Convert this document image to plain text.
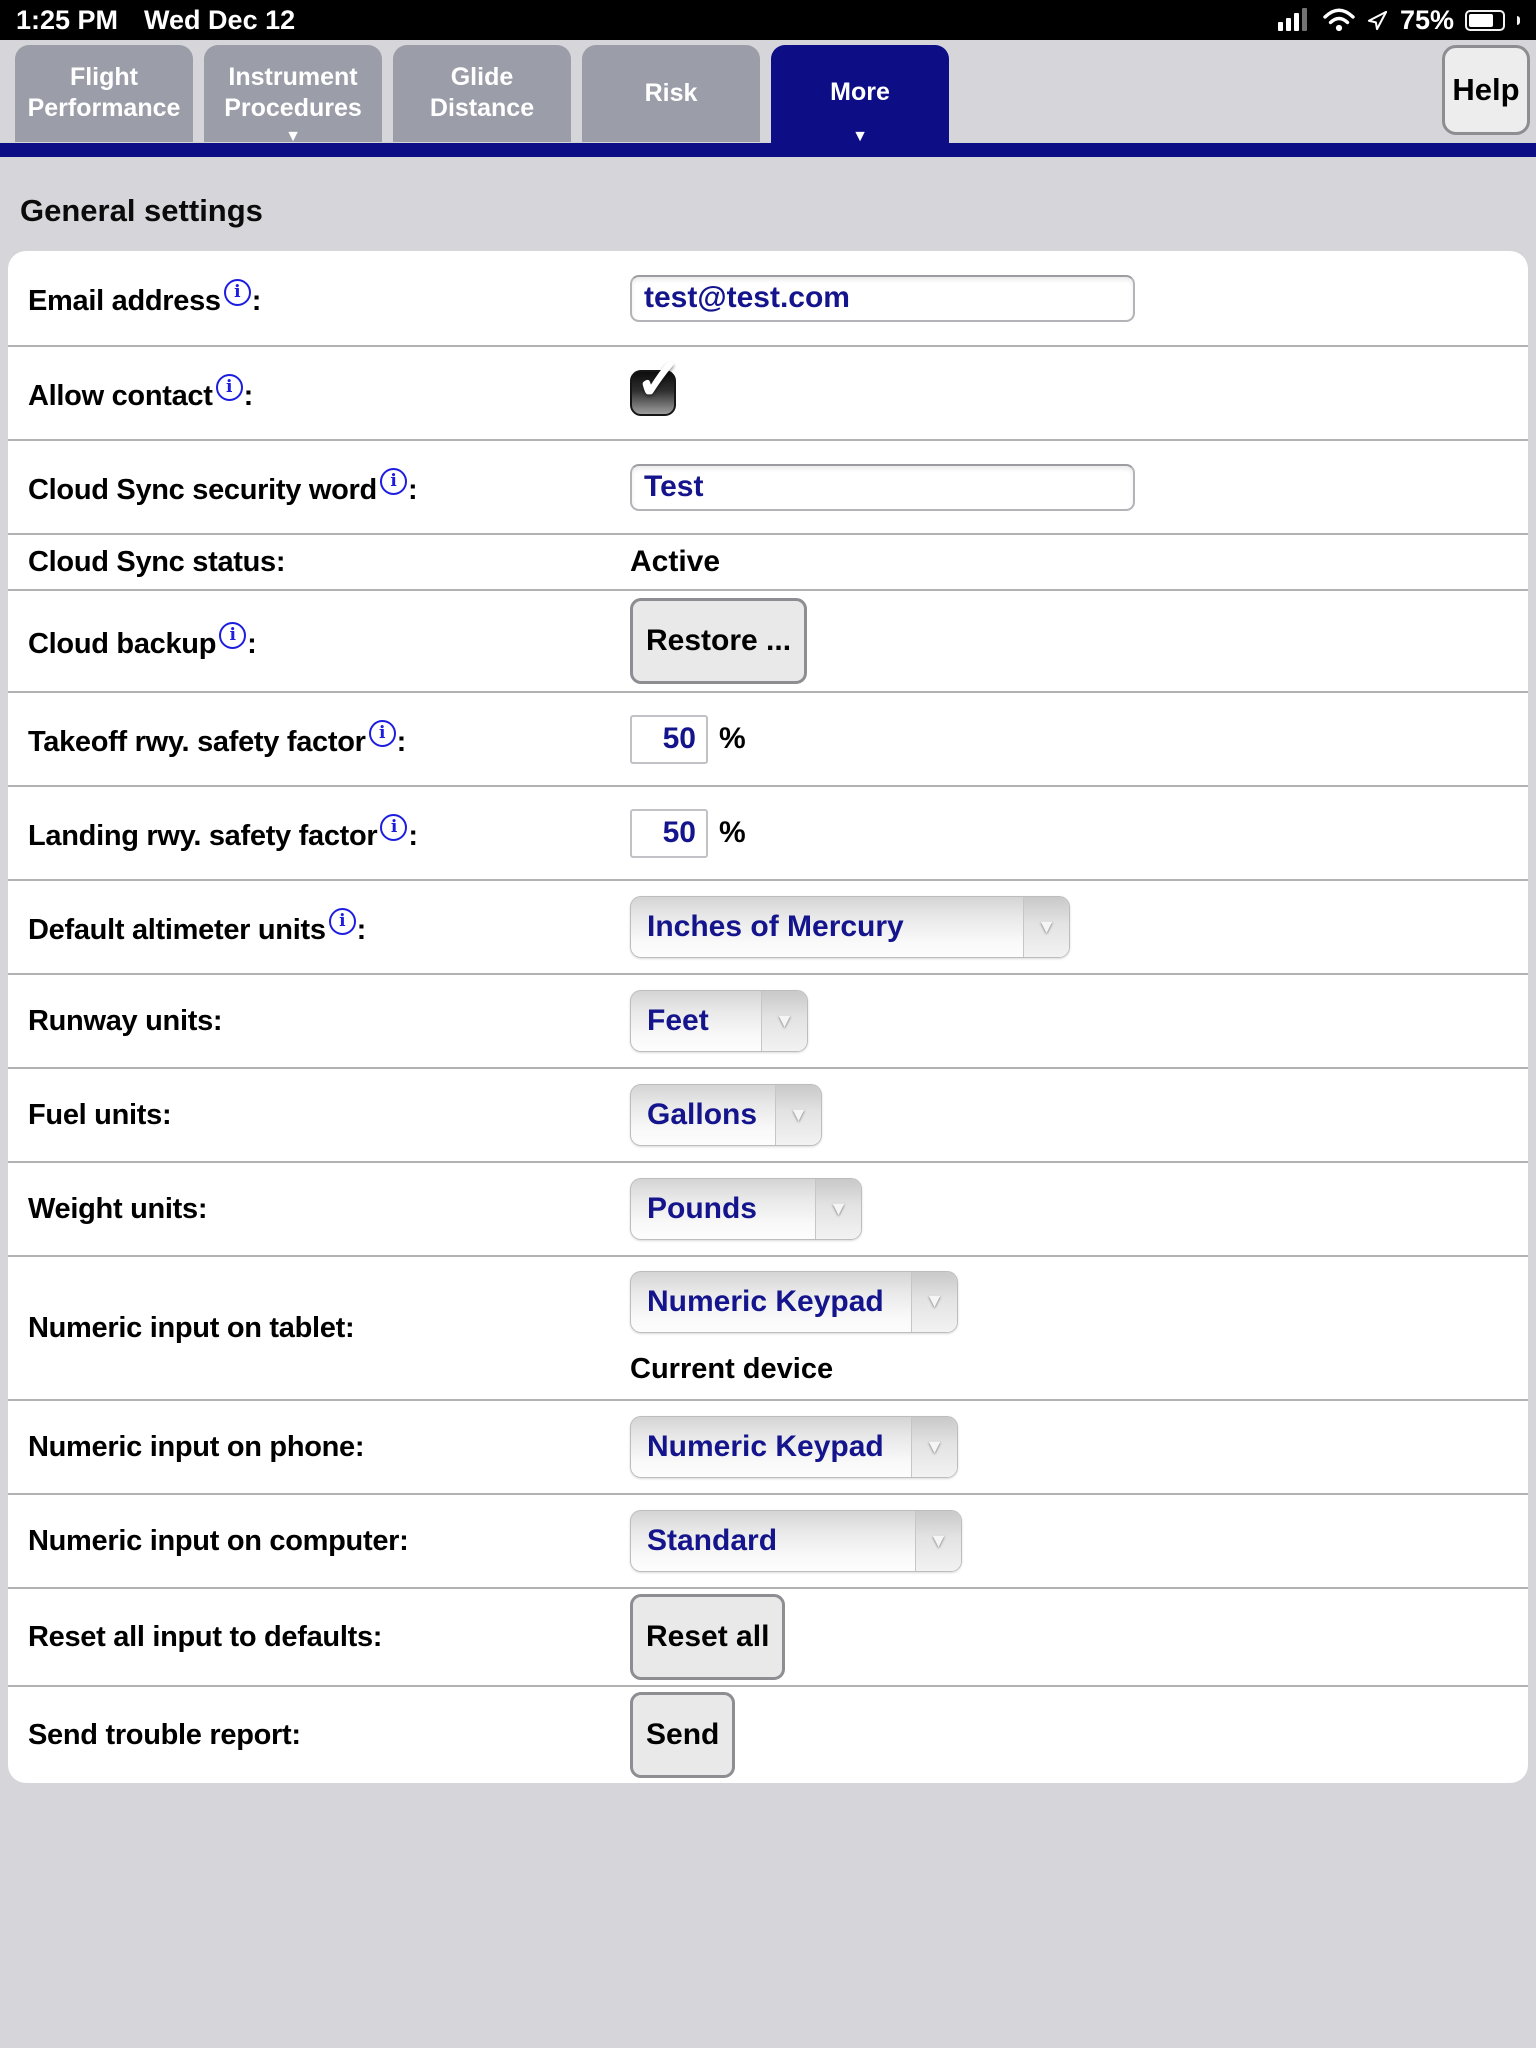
1:25 PM Wed Dec 12	75%
Flight
Performance
Instrument
Procedures
▼
Glide
Distance
Risk	More
▼
Help
General settings
Email address i :
test@test.com
Allow contact i :	✓
Cloud Sync security word i :
Test
Cloud Sync status:	Active
Cloud backup i :	Restore ...
Takeoff rwy. safety factor i :
50	%
Landing rwy. safety factor i :
50	%
Default altimeter units i :	Inches of Mercury	▼
Runway units:	Feet	▼
Fuel units:	Gallons	▼
Weight units:	Pounds	▼
Numeric input on tablet:
Numeric Keypad	▼
Current device
Numeric input on phone:	Numeric Keypad	▼
Numeric input on computer:	Standard	▼
Reset all input to defaults:	Reset all
Send trouble report:	Send
